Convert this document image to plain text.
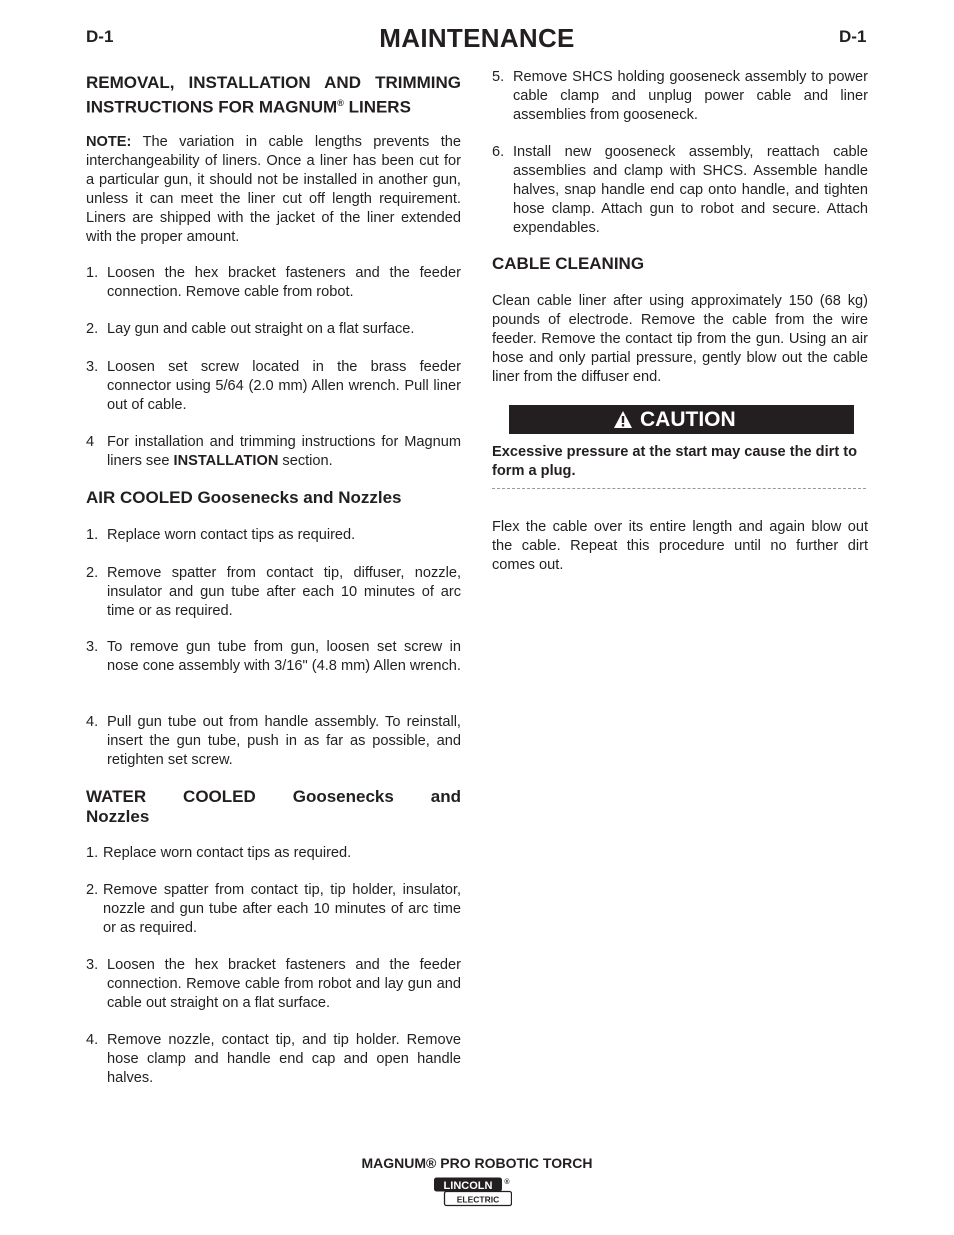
D-1	MAINTENANCE	D-1
REMOVAL, INSTALLATION AND TRIMMING
INSTRUCTIONS FOR MAGNUM® LINERS
NOTE: The variation in cable lengths prevents the interchangeability of liners. Once a liner has been cut for a particular gun, it should not be installed in another gun, unless it can meet the liner cut off length requirement. Liners are shipped with the jacket of the liner extended with the proper amount.
1. Loosen the hex bracket fasteners and the feeder connection. Remove cable from robot.
2. Lay gun and cable out straight on a flat surface.
3. Loosen set screw located in the brass feeder connector using 5/64 (2.0 mm) Allen wrench. Pull liner out of cable.
4 For installation and trimming instructions for Magnum liners see INSTALLATION section.
AIR COOLED Goosenecks and Nozzles
1. Replace worn contact tips as required.
2. Remove spatter from contact tip, diffuser, nozzle, insulator and gun tube after each 10 minutes of arc time or as required.
3. To remove gun tube from gun, loosen set screw in nose cone assembly with 3/16" (4.8 mm) Allen wrench.
4. Pull gun tube out from handle assembly. To reinstall, insert the gun tube, push in as far as possible, and retighten set screw.
WATER    COOLED    Goosenecks    and
Nozzles
1. Replace worn contact tips as required.
2. Remove spatter from contact tip, tip holder, insulator, nozzle and gun tube after each 10 minutes of arc time or as required.
3. Loosen the hex bracket fasteners and the feeder connection. Remove cable from robot and lay gun and cable out straight on a flat surface.
4. Remove nozzle, contact tip, and tip holder. Remove hose clamp and handle end cap and open handle halves.
5. Remove SHCS holding gooseneck assembly to power cable clamp and unplug power cable and liner assemblies from gooseneck.
6. Install new gooseneck assembly, reattach cable assemblies and clamp with SHCS. Assemble handle halves, snap handle end cap onto handle, and tighten hose clamp. Attach gun to robot and secure. Attach expendables.
CABLE CLEANING
Clean cable liner after using approximately 150 (68 kg) pounds of electrode. Remove the cable from the wire feeder. Remove the contact tip from the gun. Using an air hose and only partial pressure, gently blow out the cable liner from the diffuser end.
CAUTION
Excessive pressure at the start may cause the dirt to form a plug.
Flex the cable over its entire length and again blow out the cable. Repeat this procedure until no further dirt comes out.
MAGNUM® PRO ROBOTIC TORCH
LINCOLN ®
ELECTRIC
